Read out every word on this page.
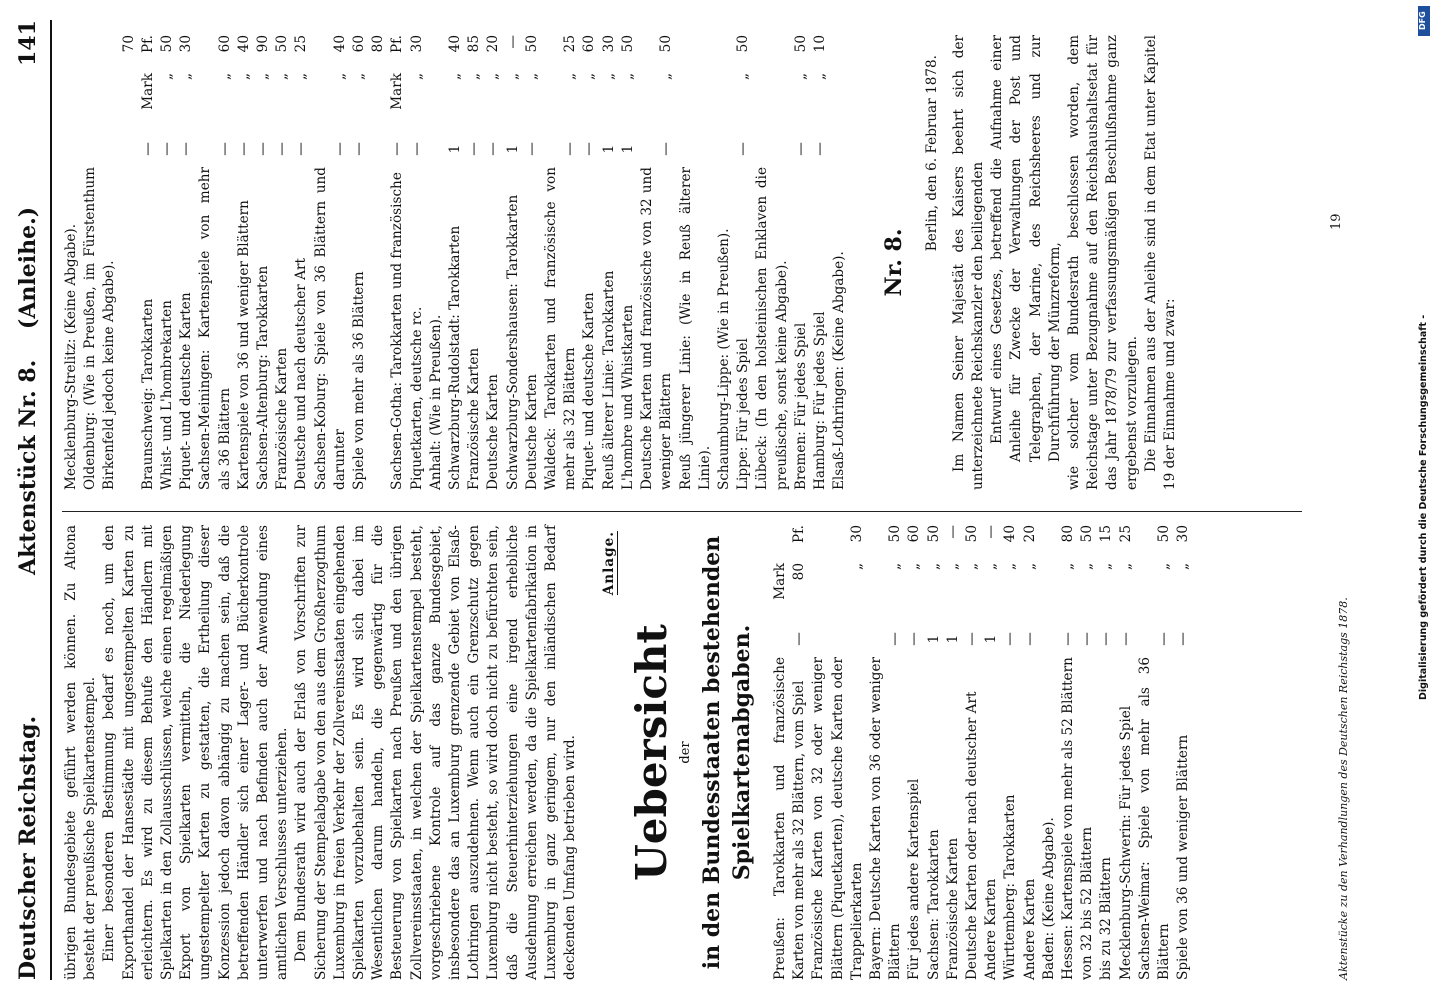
Deutscher Reichstag.
Aktenstück Nr. 8.    (Anleihe.)
141

übrigen Bundesgebiete geführt werden können. Zu Altona besteht der preußische Spielkartenstempel. Einer besonderen Bestimmung bedarf es noch, um den Exporthandel der Hansestädte mit ungestempelten Karten zu erleichtern. Es wird zu diesem Behufe den Händlern mit Spielkarten in den Zollausschlüssen, welche einen regelmäßigen Export von Spielkarten vermitteln, die Niederlegung ungestempelter Karten zu gestatten, die Ertheilung dieser Konzession jedoch davon abhängig zu machen sein, daß die betreffenden Händler sich einer Lager- und Bücherkontrole unterwerfen und nach Befinden auch der Anwendung eines amtlichen Verschlusses unterziehen. Dem Bundesrath wird auch der Erlaß von Vorschriften zur Sicherung der Stempelabgabe von den aus dem Großherzogthum Luxemburg in freien Verkehr der Zollvereinsstaaten eingehenden Spielkarten vorzubehalten sein. Es wird sich dabei im Wesentlichen darum handeln, die gegenwärtig für die Besteuerung von Spielkarten nach Preußen und den übrigen Zollvereinsstaaten, in welchen der Spielkartenstempel besteht, vorgeschriebene Kontrole auf das ganze Bundesgebiet, insbesondere das an Luxemburg grenzende Gebiet von Elsaß-Lothringen auszudehnen. Wenn auch ein Grenzschutz gegen Luxemburg nicht besteht, so wird doch nicht zu befürchten sein, daß die Steuerhinterziehungen eine irgend erhebliche Ausdehnung erreichen werden, da die Spielkartenfabrikation in Luxemburg in ganz geringem, nur den inländischen Bedarf deckenden Umfang betrieben wird.

Anlage.
Uebersicht der in den Bundesstaaten bestehenden Spielkartenabgaben. Preußen: Tarokkarten und französische Karten von mehr als 32 Blättern, vom Spiel
—
Mark 80
Pf.
Französische Karten von 32 oder weniger Blättern (Piquetkarten), deutsche Karten oder Trappelierkarten
„
30
Bayern: Deutsche Karten von 36 oder weniger Blättern
—
„
50
Für jedes andere Kartenspiel
—
„
60
Sachsen: Tarokkarten
1
„
50
Französische Karten
1
„
—
Deutsche Karten oder nach deutscher Art
—
„
50
Andere Karten
1
„
—
Württemberg: Tarokkarten
—
„
40
Andere Karten
—
„
20
Baden: (Keine Abgabe). Hessen: Kartenspiele von mehr als 52 Blättern
—
„
80
von 32 bis 52 Blättern
—
„
50
bis zu 32 Blättern
—
„
15
Mecklenburg-Schwerin: Für jedes Spiel
—
„
25
Sachsen-Weimar: Spiele von mehr als 36 Blättern
—
„
50
Spiele von 36 und weniger Blättern
—
„
30
Mecklenburg-Strelitz: (Keine Abgabe). Oldenburg: (Wie in Preußen, im Fürstenthum Birkenfeld jedoch keine Abgabe). Braunschweig: Tarokkarten
—
Mark
70 Pf.
Whist- und L'hombrekarten
—
„
50
Piquet- und deutsche Karten
—
„
30
Sachsen-Meiningen: Kartenspiele von mehr als 36 Blättern
—
„
60
Kartenspiele von 36 und weniger Blättern
—
„
40
Sachsen-Altenburg: Tarokkarten
—
„
90
Französische Karten
—
„
50
Deutsche und nach deutscher Art
—
„
25
Sachsen-Koburg: Spiele von 36 Blättern und darunter
—
„
40
Spiele von mehr als 36 Blättern
—
„
60
Sachsen-Gotha: Tarokkarten und französische
—
Mark
80 Pf.
Piquetkarten, deutsche rc.
—
„
30
Anhalt: (Wie in Preußen). Schwarzburg-Rudolstadt: Tarokkarten
1
„
40
Französische Karten
—
„
85
Deutsche Karten
—
„
20
Schwarzburg-Sondershausen: Tarokkarten
1
„
—
Deutsche Karten
—
„
50
Waldeck: Tarokkarten und französische von mehr als 32 Blättern
—
„
25
Piquet- und deutsche Karten
—
„
60
Reuß älterer Linie: Tarokkarten
1
„
30
L'hombre und Whistkarten
1
„
50
Deutsche Karten und französische von 32 und weniger Blättern
—
„
50
Reuß jüngerer Linie: (Wie in Reuß älterer Linie). Schaumburg-Lippe: (Wie in Preußen). Lippe: Für jedes Spiel
—
„
50
Lübeck: (In den holsteinischen Enklaven die preußische, sonst keine Abgabe). Bremen: Für jedes Spiel
—
„
50
Hamburg: Für jedes Spiel
—
„
10
Elsaß-Lothringen: (Keine Abgabe). Nr. 8.
Berlin, den 6. Februar 1878. Im Namen Seiner Majestät des Kaisers beehrt sich der unterzeichnete Reichskanzler den beiliegenden Entwurf eines Gesetzes, betreffend die Aufnahme einer Anleihe für Zwecke der Verwaltungen der Post und Telegraphen, der Marine, des Reichsheeres und zur Durchführung der Münzreform, wie solcher vom Bundesrath beschlossen worden, dem Reichstage unter Bezugnahme auf den Reichshaushaltsetat für das Jahr 1878/79 zur verfassungsmäßigen Beschlußnahme ganz ergebenst vorzulegen. Die Einnahmen aus der Anleihe sind in dem Etat unter Kapitel 19 der Einnahme und zwar:

Aktenstücke zu den Verhandlungen des Deutschen Reichstags 1878.
19
Digitalisierung gefördert durch die Deutsche Forschungsgemeinschaft -
DFG
